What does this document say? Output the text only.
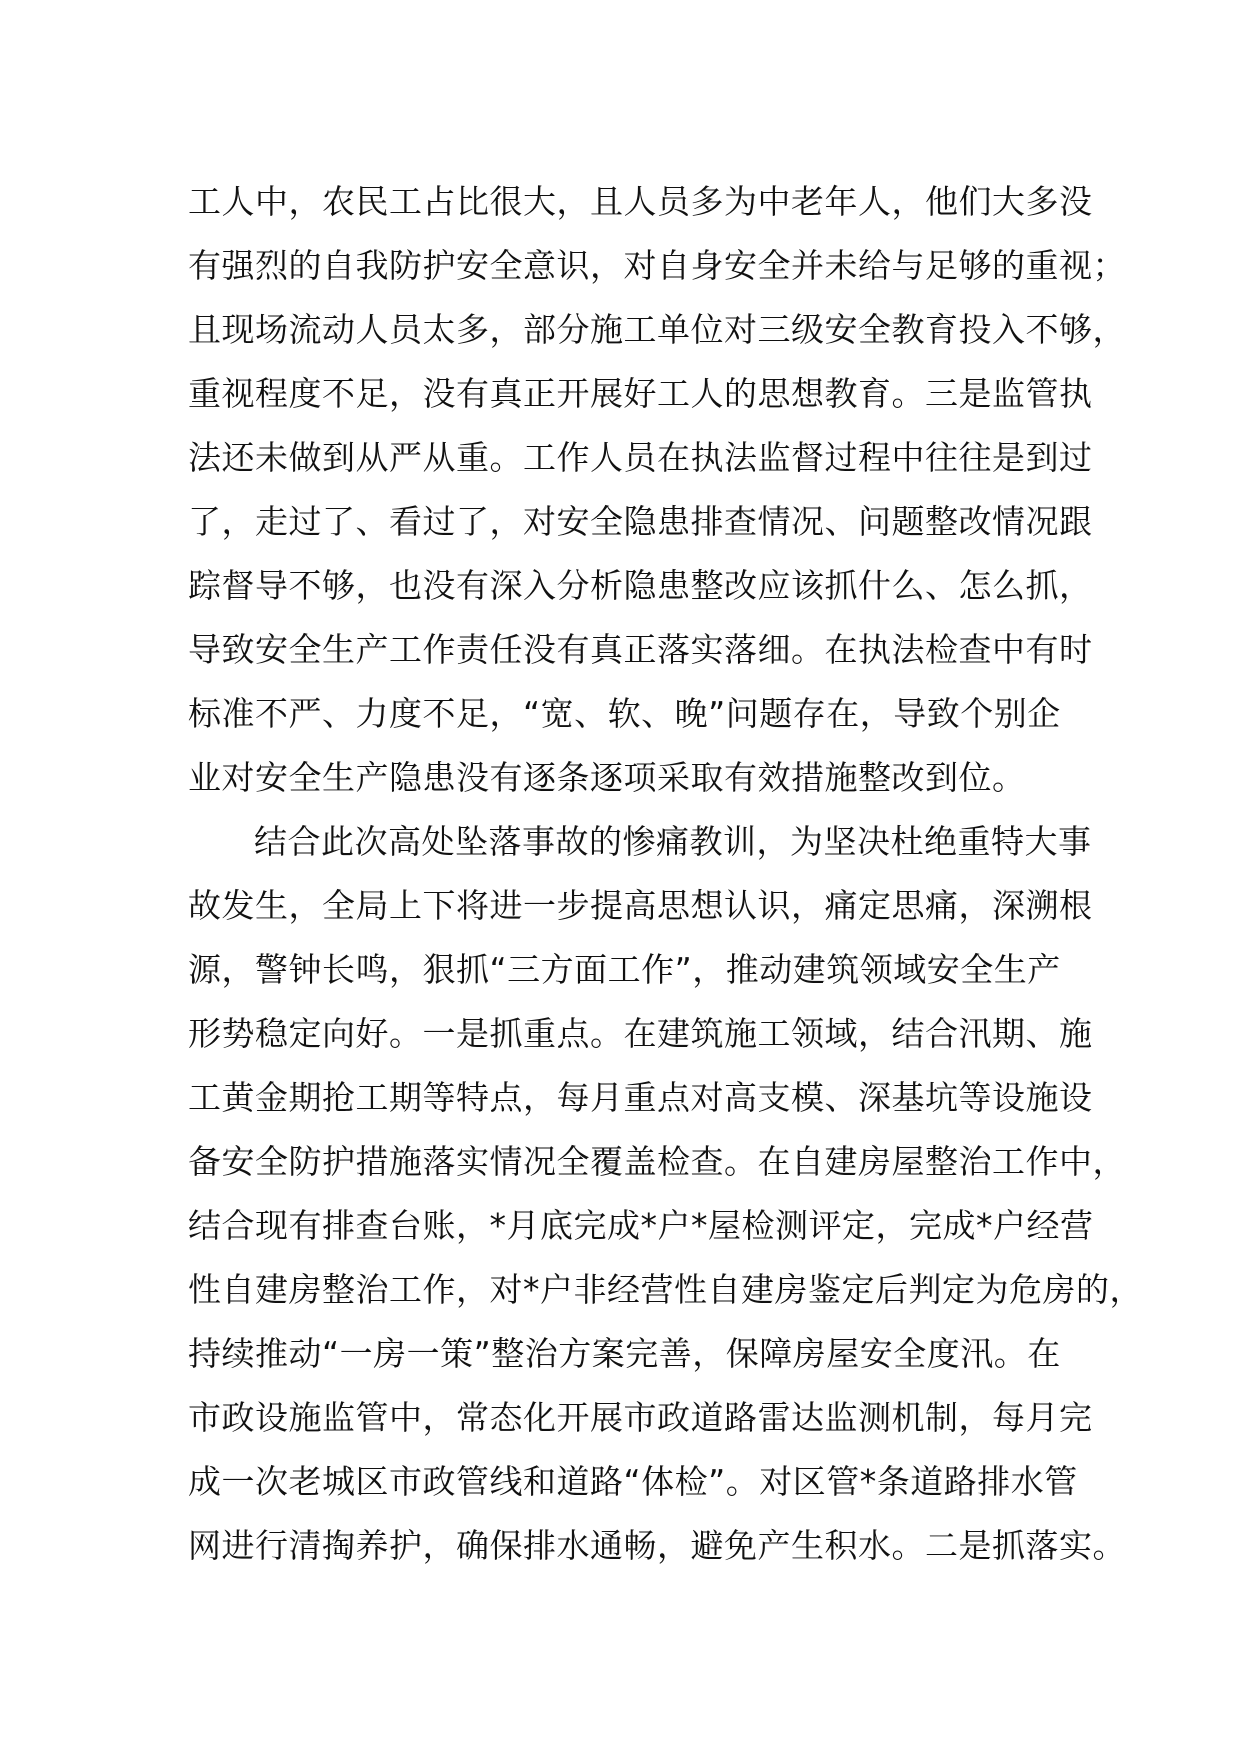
工人中，农民工占比很大，且人员多为中老年人，他们大多没
有强烈的自我防护安全意识，对自身安全并未给与足够的重视；
且现场流动人员太多，部分施工单位对三级安全教育投入不够，
重视程度不足，没有真正开展好工人的思想教育。三是监管执
法还未做到从严从重。工作人员在执法监督过程中往往是到过
了，走过了、看过了，对安全隐患排查情况、问题整改情况跟
踪督导不够，也没有深入分析隐患整改应该抓什么、怎么抓，
导致安全生产工作责任没有真正落实落细。在执法检查中有时
标准不严、力度不足，“宽、软、晚”问题存在，导致个别企
业对安全生产隐患没有逐条逐项采取有效措施整改到位。
结合此次高处坠落事故的惨痛教训，为坚决杜绝重特大事
故发生，全局上下将进一步提高思想认识，痛定思痛，深溯根
源，警钟长鸣，狠抓“三方面工作”，推动建筑领域安全生产
形势稳定向好。一是抓重点。在建筑施工领域，结合汛期、施
工黄金期抢工期等特点，每月重点对高支模、深基坑等设施设
备安全防护措施落实情况全覆盖检查。在自建房屋整治工作中，
结合现有排查台账，*月底完成*户*屋检测评定，完成*户经营
性自建房整治工作，对*户非经营性自建房鉴定后判定为危房的，
持续推动“一房一策”整治方案完善，保障房屋安全度汛。在
市政设施监管中，常态化开展市政道路雷达监测机制，每月完
成一次老城区市政管线和道路“体检”。对区管*条道路排水管
网进行清掏养护，确保排水通畅，避免产生积水。二是抓落实。
